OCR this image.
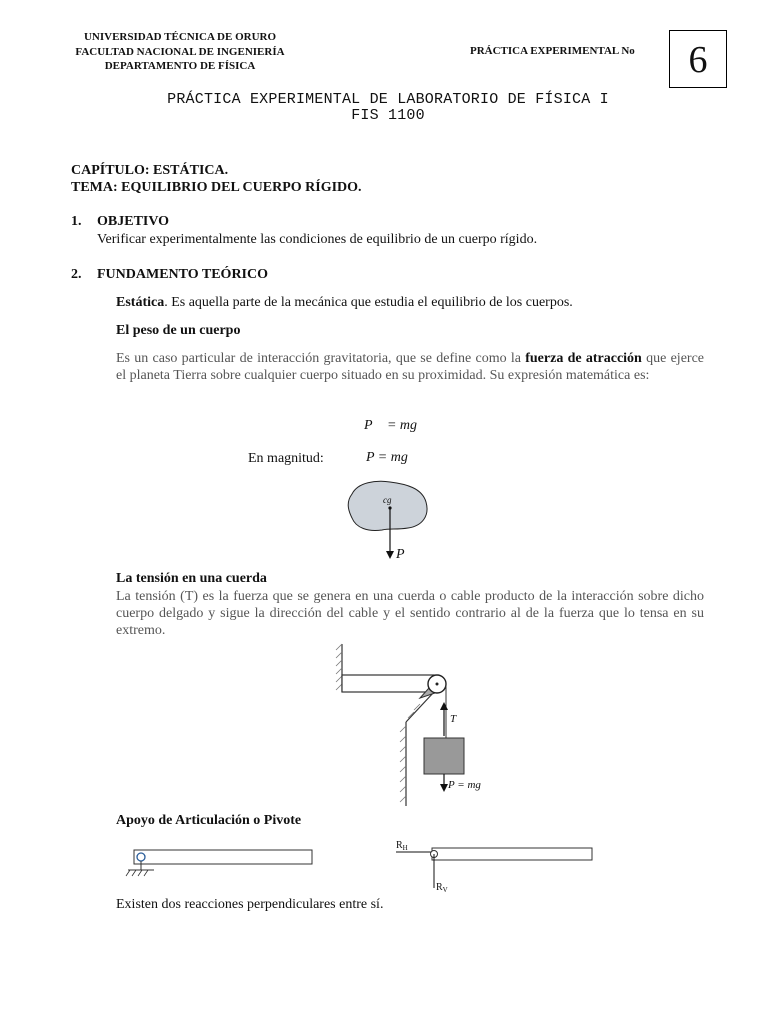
UNIVERSIDAD TÉCNICA DE ORURO
FACULTAD NACIONAL DE INGENIERÍA
DEPARTAMENTO DE FÍSICA
PRÁCTICA EXPERIMENTAL No	6
PRÁCTICA EXPERIMENTAL DE LABORATORIO DE FÍSICA I
FIS 1100
CAPÍTULO: ESTÁTICA.
TEMA: EQUILIBRIO DEL CUERPO RÍGIDO.
1. OBJETIVO
Verificar experimentalmente las condiciones de equilibrio de un cuerpo rígido.
2. FUNDAMENTO TEÓRICO
Estática. Es aquella parte de la mecánica que estudia el equilibrio de los cuerpos.
El peso de un cuerpo
Es un caso particular de interacción gravitatoria, que se define como la fuerza de atracción que ejerce el planeta Tierra sobre cualquier cuerpo situado en su proximidad. Su expresión matemática es:
P⃗ = mg⃗
En magnitud:	P = mg
cg
P⃗
La tensión en una cuerda
La tensión (T) es la fuerza que se genera en una cuerda o cable producto de la interacción sobre dicho cuerpo delgado y sigue la dirección del cable y el sentido contrario al de la fuerza que lo tensa en su extremo.
T
P = mg
Apoyo de Articulación o Pivote
$R_H$
$R_V$
Existen dos reacciones perpendiculares entre sí.
